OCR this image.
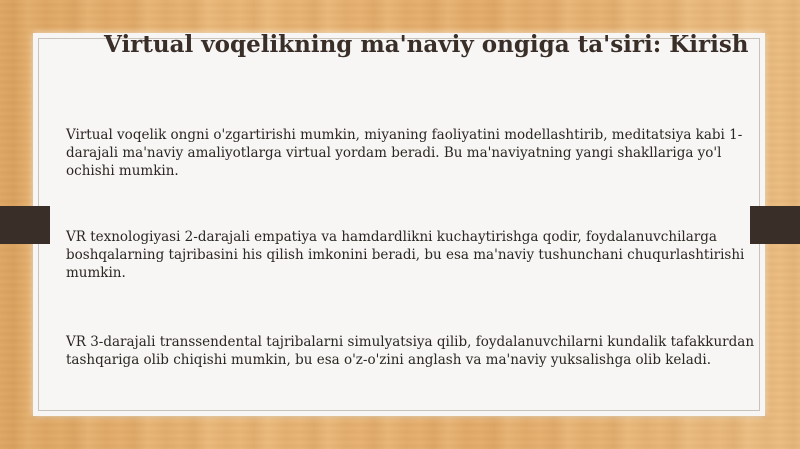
Virtual voqelikning ma'naviy ongiga ta'siri: Kirish

Virtual voqelik ongni o'zgartirishi mumkin, miyaning faoliyatini modellashtirib, meditatsiya kabi 1-darajali ma'naviy amaliyotlarga virtual yordam beradi. Bu ma'naviyatning yangi shakllariga yo'l ochishi mumkin.

VR texnologiyasi 2-darajali empatiya va hamdardlikni kuchaytirishga qodir, foydalanuvchilarga boshqalarning tajribasini his qilish imkonini beradi, bu esa ma'naviy tushunchani chuqurlashtirishi mumkin.

VR 3-darajali transsendental tajribalarni simulyatsiya qilib, foydalanuvchilarni kundalik tafakkurdan tashqariga olib chiqishi mumkin, bu esa o'z-o'zini anglash va ma'naviy yuksalishga olib keladi.
